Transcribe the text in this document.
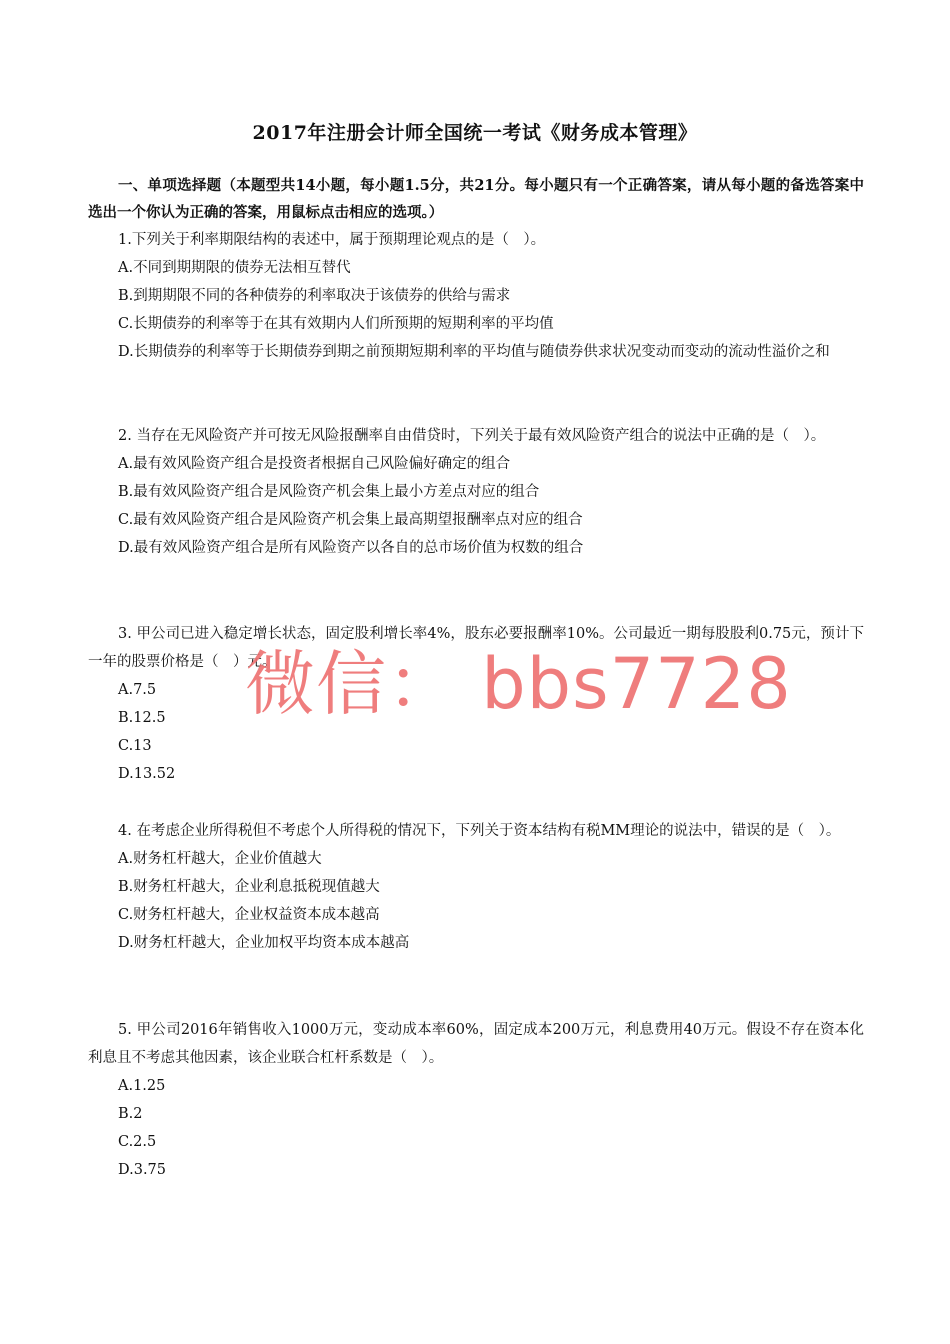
2017年注册会计师全国统一考试《财务成本管理》
一、单项选择题（本题型共14小题，每小题1.5分，共21分。每小题只有一个正确答案，请从每小题的备选答案中选出一个你认为正确的答案，用鼠标点击相应的选项。）
1.下列关于利率期限结构的表述中，属于预期理论观点的是（　）。
A.不同到期期限的债券无法相互替代
B.到期期限不同的各种债券的利率取决于该债券的供给与需求
C.长期债券的利率等于在其有效期内人们所预期的短期利率的平均值
D.长期债券的利率等于长期债券到期之前预期短期利率的平均值与随债券供求状况变动而变动的流动性溢价之和
2. 当存在无风险资产并可按无风险报酬率自由借贷时，下列关于最有效风险资产组合的说法中正确的是（　）。
A.最有效风险资产组合是投资者根据自己风险偏好确定的组合
B.最有效风险资产组合是风险资产机会集上最小方差点对应的组合
C.最有效风险资产组合是风险资产机会集上最高期望报酬率点对应的组合
D.最有效风险资产组合是所有风险资产以各自的总市场价值为权数的组合
3. 甲公司已进入稳定增长状态，固定股利增长率4%，股东必要报酬率10%。公司最近一期每股股利0.75元，预计下一年的股票价格是（　）元。
A.7.5
B.12.5
C.13
D.13.52
4. 在考虑企业所得税但不考虑个人所得税的情况下，下列关于资本结构有税MM理论的说法中，错误的是（　）。
A.财务杠杆越大，企业价值越大
B.财务杠杆越大，企业利息抵税现值越大
C.财务杠杆越大，企业权益资本成本越高
D.财务杠杆越大，企业加权平均资本成本越高
5. 甲公司2016年销售收入1000万元，变动成本率60%，固定成本200万元，利息费用40万元。假设不存在资本化利息且不考虑其他因素，该企业联合杠杆系数是（　）。
A.1.25
B.2
C.2.5
D.3.75
微信： bbs7728
